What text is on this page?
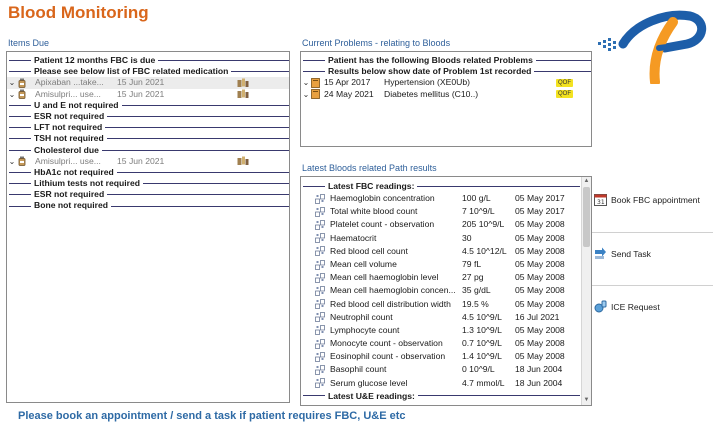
Blood Monitoring
Items Due
Patient 12 months FBC is due
Please see below list of FBC related medication
⌄ Apixaban ...take...	15 Jun 2021
⌄ Amisulpri... use...	15 Jun 2021
U and E not required
ESR not required
LFT not required
TSH not required
Cholesterol due
⌄ Amisulpri... use...	15 Jun 2021
HbA1c not required
Lithium tests not required
ESR not required
Bone not required
Current Problems - relating to Bloods
Patient has the following Bloods related Problems
Results below show date of Problem 1st recorded
⌄ 15 Apr 2017	Hypertension (XE0Ub)	QOF
⌄ 24 May 2021	Diabetes mellitus (C10..)	QOF
Latest Bloods related Path results
Latest FBC readings:
Haemoglobin concentration	100 g/L	05 May 2017
Total white blood count	7 10^9/L	05 May 2017
Platelet count - observation	205 10^9/L	05 May 2008
Haematocrit	30	05 May 2008
Red blood cell count	4.5 10^12/L 05 May 2008
Mean cell volume	79 fL	05 May 2008
Mean cell haemoglobin level	27 pg	05 May 2008
Mean cell haemoglobin concen... 35 g/dL	05 May 2008
Red blood cell distribution width	19.5 %	05 May 2008
Neutrophil count	4.5 10^9/L	16 Jul 2021
Lymphocyte count	1.3 10^9/L	05 May 2008
Monocyte count - observation	0.7 10^9/L	05 May 2008
Eosinophil count - observation	1.4 10^9/L	05 May 2008
Basophil count	0 10^9/L	18 Jun 2004
Serum glucose level	4.7 mmol/L	18 Jun 2004
Latest U&E readings:
▲
▼
31 Book FBC appointment
Send Task
ICE Request
Please book an appointment / send a task if patient requires FBC, U&E etc
